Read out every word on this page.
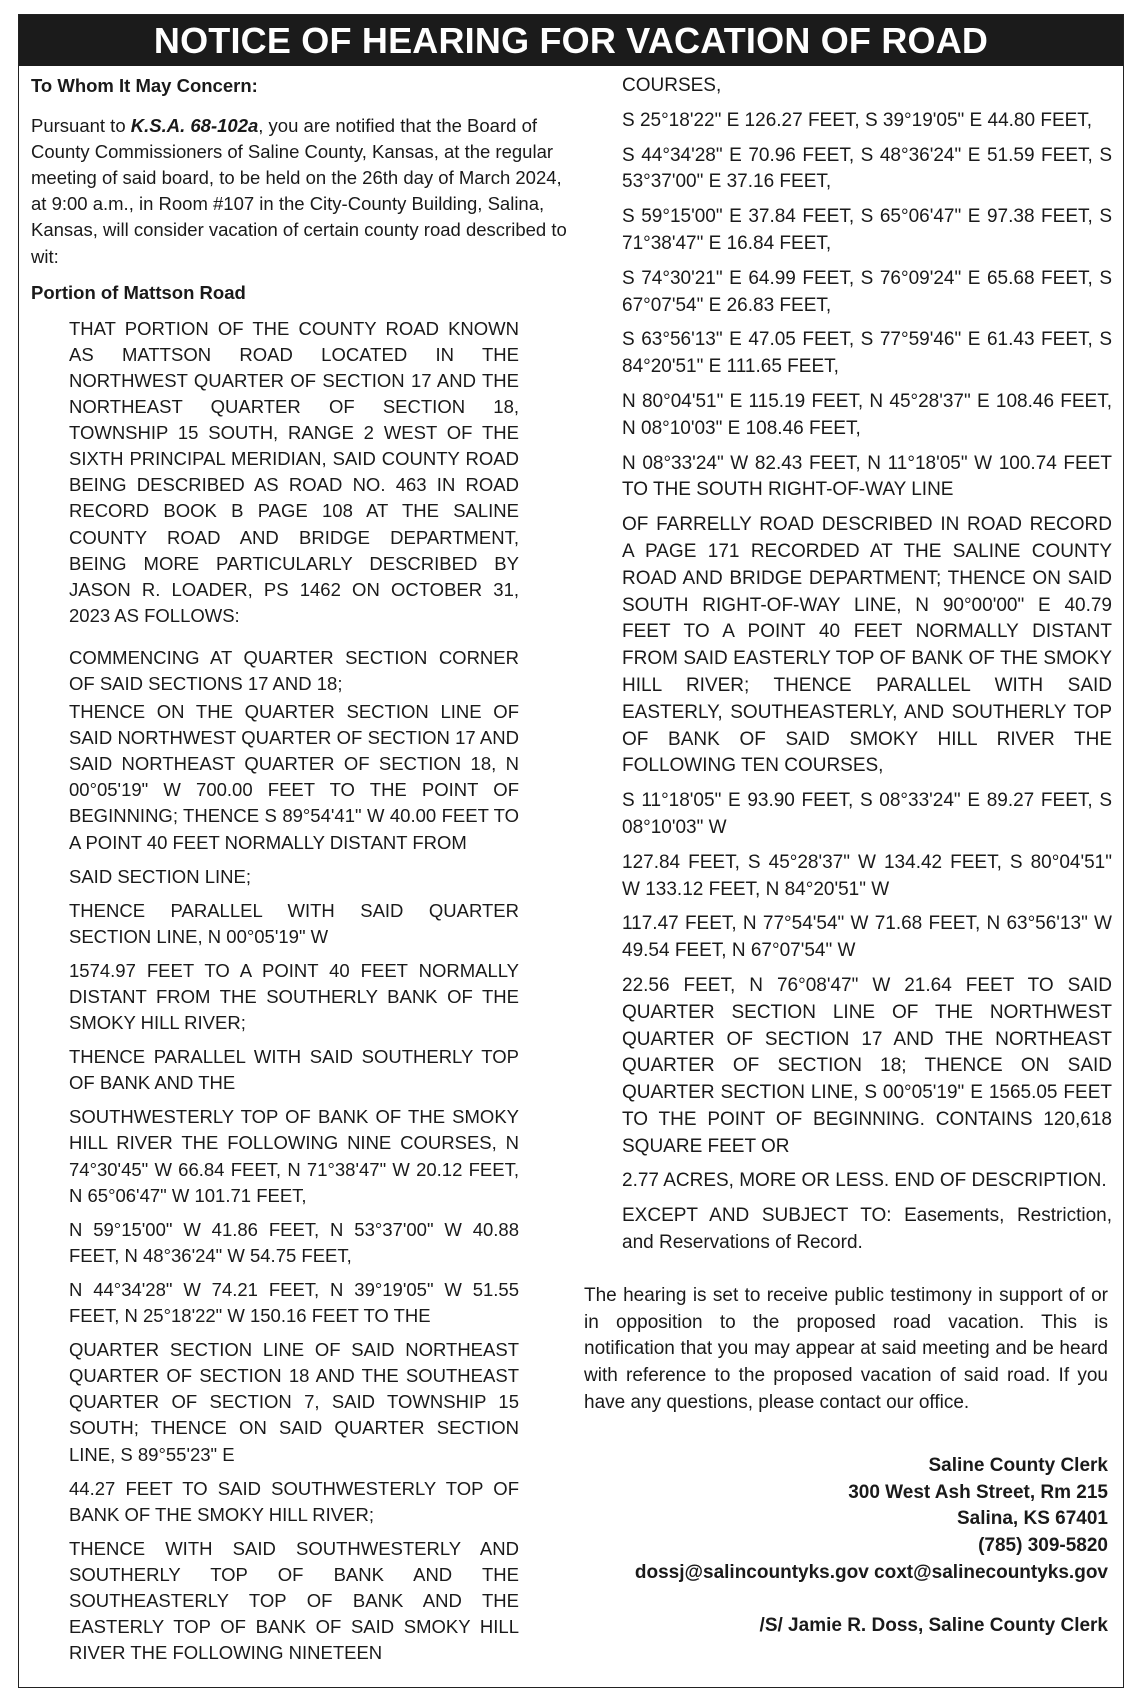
NOTICE OF HEARING FOR VACATION OF ROAD

To Whom It May Concern:

Pursuant to K.S.A. 68-102a, you are notified that the Board of County Commissioners of Saline County, Kansas, at the regular meeting of said board, to be held on the 26th day of March 2024, at 9:00 a.m., in Room #107 in the City-County Building, Salina, Kansas, will consider vacation of certain county road described to wit:

Portion of Mattson Road

THAT PORTION OF THE COUNTY ROAD KNOWN AS MATTSON ROAD LOCATED IN THE NORTHWEST QUARTER OF SECTION 17 AND THE NORTHEAST QUARTER OF SECTION 18, TOWNSHIP 15 SOUTH, RANGE 2 WEST OF THE SIXTH PRINCIPAL MERIDIAN, SAID COUNTY ROAD BEING DESCRIBED AS ROAD NO. 463 IN ROAD RECORD BOOK B PAGE 108 AT THE SALINE COUNTY ROAD AND BRIDGE DEPARTMENT, BEING MORE PARTICULARLY DESCRIBED BY JASON R. LOADER, PS 1462 ON OCTOBER 31, 2023 AS FOLLOWS:

COMMENCING AT QUARTER SECTION CORNER OF SAID SECTIONS 17 AND 18;

THENCE ON THE QUARTER SECTION LINE OF SAID NORTHWEST QUARTER OF SECTION 17 AND SAID NORTHEAST QUARTER OF SECTION 18, N 00°05'19" W 700.00 FEET TO THE POINT OF BEGINNING; THENCE S 89°54'41" W 40.00 FEET TO A POINT 40 FEET NORMALLY DISTANT FROM

SAID SECTION LINE;

THENCE PARALLEL WITH SAID QUARTER SECTION LINE, N 00°05'19" W

1574.97 FEET TO A POINT 40 FEET NORMALLY DISTANT FROM THE SOUTHERLY BANK OF THE SMOKY HILL RIVER;

THENCE PARALLEL WITH SAID SOUTHERLY TOP OF BANK AND THE

SOUTHWESTERLY TOP OF BANK OF THE SMOKY HILL RIVER THE FOLLOWING NINE COURSES, N 74°30'45" W 66.84 FEET, N 71°38'47" W 20.12 FEET, N 65°06'47" W 101.71 FEET,

N 59°15'00" W 41.86 FEET, N 53°37'00" W 40.88 FEET, N 48°36'24" W 54.75 FEET,

N 44°34'28" W 74.21 FEET, N 39°19'05" W 51.55 FEET, N 25°18'22" W 150.16 FEET TO THE

QUARTER SECTION LINE OF SAID NORTHEAST QUARTER OF SECTION 18 AND THE SOUTHEAST QUARTER OF SECTION 7, SAID TOWNSHIP 15 SOUTH; THENCE ON SAID QUARTER SECTION LINE, S 89°55'23" E

44.27 FEET TO SAID SOUTHWESTERLY TOP OF BANK OF THE SMOKY HILL RIVER;

THENCE WITH SAID SOUTHWESTERLY AND SOUTHERLY TOP OF BANK AND THE SOUTHEASTERLY TOP OF BANK AND THE EASTERLY TOP OF BANK OF SAID SMOKY HILL RIVER THE FOLLOWING NINETEEN

COURSES,

S 25°18'22" E 126.27 FEET, S 39°19'05" E 44.80 FEET,

S 44°34'28" E 70.96 FEET, S 48°36'24" E 51.59 FEET, S 53°37'00" E 37.16 FEET,

S 59°15'00" E 37.84 FEET, S 65°06'47" E 97.38 FEET, S 71°38'47" E 16.84 FEET,

S 74°30'21" E 64.99 FEET, S 76°09'24" E 65.68 FEET, S 67°07'54" E 26.83 FEET,

S 63°56'13" E 47.05 FEET, S 77°59'46" E 61.43 FEET, S 84°20'51" E 111.65 FEET,

N 80°04'51" E 115.19 FEET, N 45°28'37" E 108.46 FEET, N 08°10'03" E 108.46 FEET,

N 08°33'24" W 82.43 FEET, N 11°18'05" W 100.74 FEET TO THE SOUTH RIGHT-OF-WAY LINE

OF FARRELLY ROAD DESCRIBED IN ROAD RECORD A PAGE 171 RECORDED AT THE SALINE COUNTY ROAD AND BRIDGE DEPARTMENT; THENCE ON SAID SOUTH RIGHT-OF-WAY LINE, N 90°00'00" E 40.79 FEET TO A POINT 40 FEET NORMALLY DISTANT FROM SAID EASTERLY TOP OF BANK OF THE SMOKY HILL RIVER; THENCE PARALLEL WITH SAID EASTERLY, SOUTHEASTERLY, AND SOUTHERLY TOP OF BANK OF SAID SMOKY HILL RIVER THE FOLLOWING TEN COURSES,

S 11°18'05" E 93.90 FEET, S 08°33'24" E 89.27 FEET, S 08°10'03" W

127.84 FEET, S 45°28'37" W 134.42 FEET, S 80°04'51" W 133.12 FEET, N 84°20'51" W

117.47 FEET, N 77°54'54" W 71.68 FEET, N 63°56'13" W 49.54 FEET, N 67°07'54" W

22.56 FEET, N 76°08'47" W 21.64 FEET TO SAID QUARTER SECTION LINE OF THE NORTHWEST QUARTER OF SECTION 17 AND THE NORTHEAST QUARTER OF SECTION 18; THENCE ON SAID QUARTER SECTION LINE, S 00°05'19" E 1565.05 FEET TO THE POINT OF BEGINNING. CONTAINS 120,618 SQUARE FEET OR

2.77 ACRES, MORE OR LESS. END OF DESCRIPTION.

EXCEPT AND SUBJECT TO: Easements, Restriction, and Reservations of Record.

The hearing is set to receive public testimony in support of or in opposition to the proposed road vacation. This is notification that you may appear at said meeting and be heard with reference to the proposed vacation of said road. If you have any questions, please contact our office.

Saline County Clerk

300 West Ash Street, Rm 215

Salina, KS 67401

(785) 309-5820

dossj@salincountyks.gov coxt@salinecountyks.gov

/S/ Jamie R. Doss, Saline County Clerk
